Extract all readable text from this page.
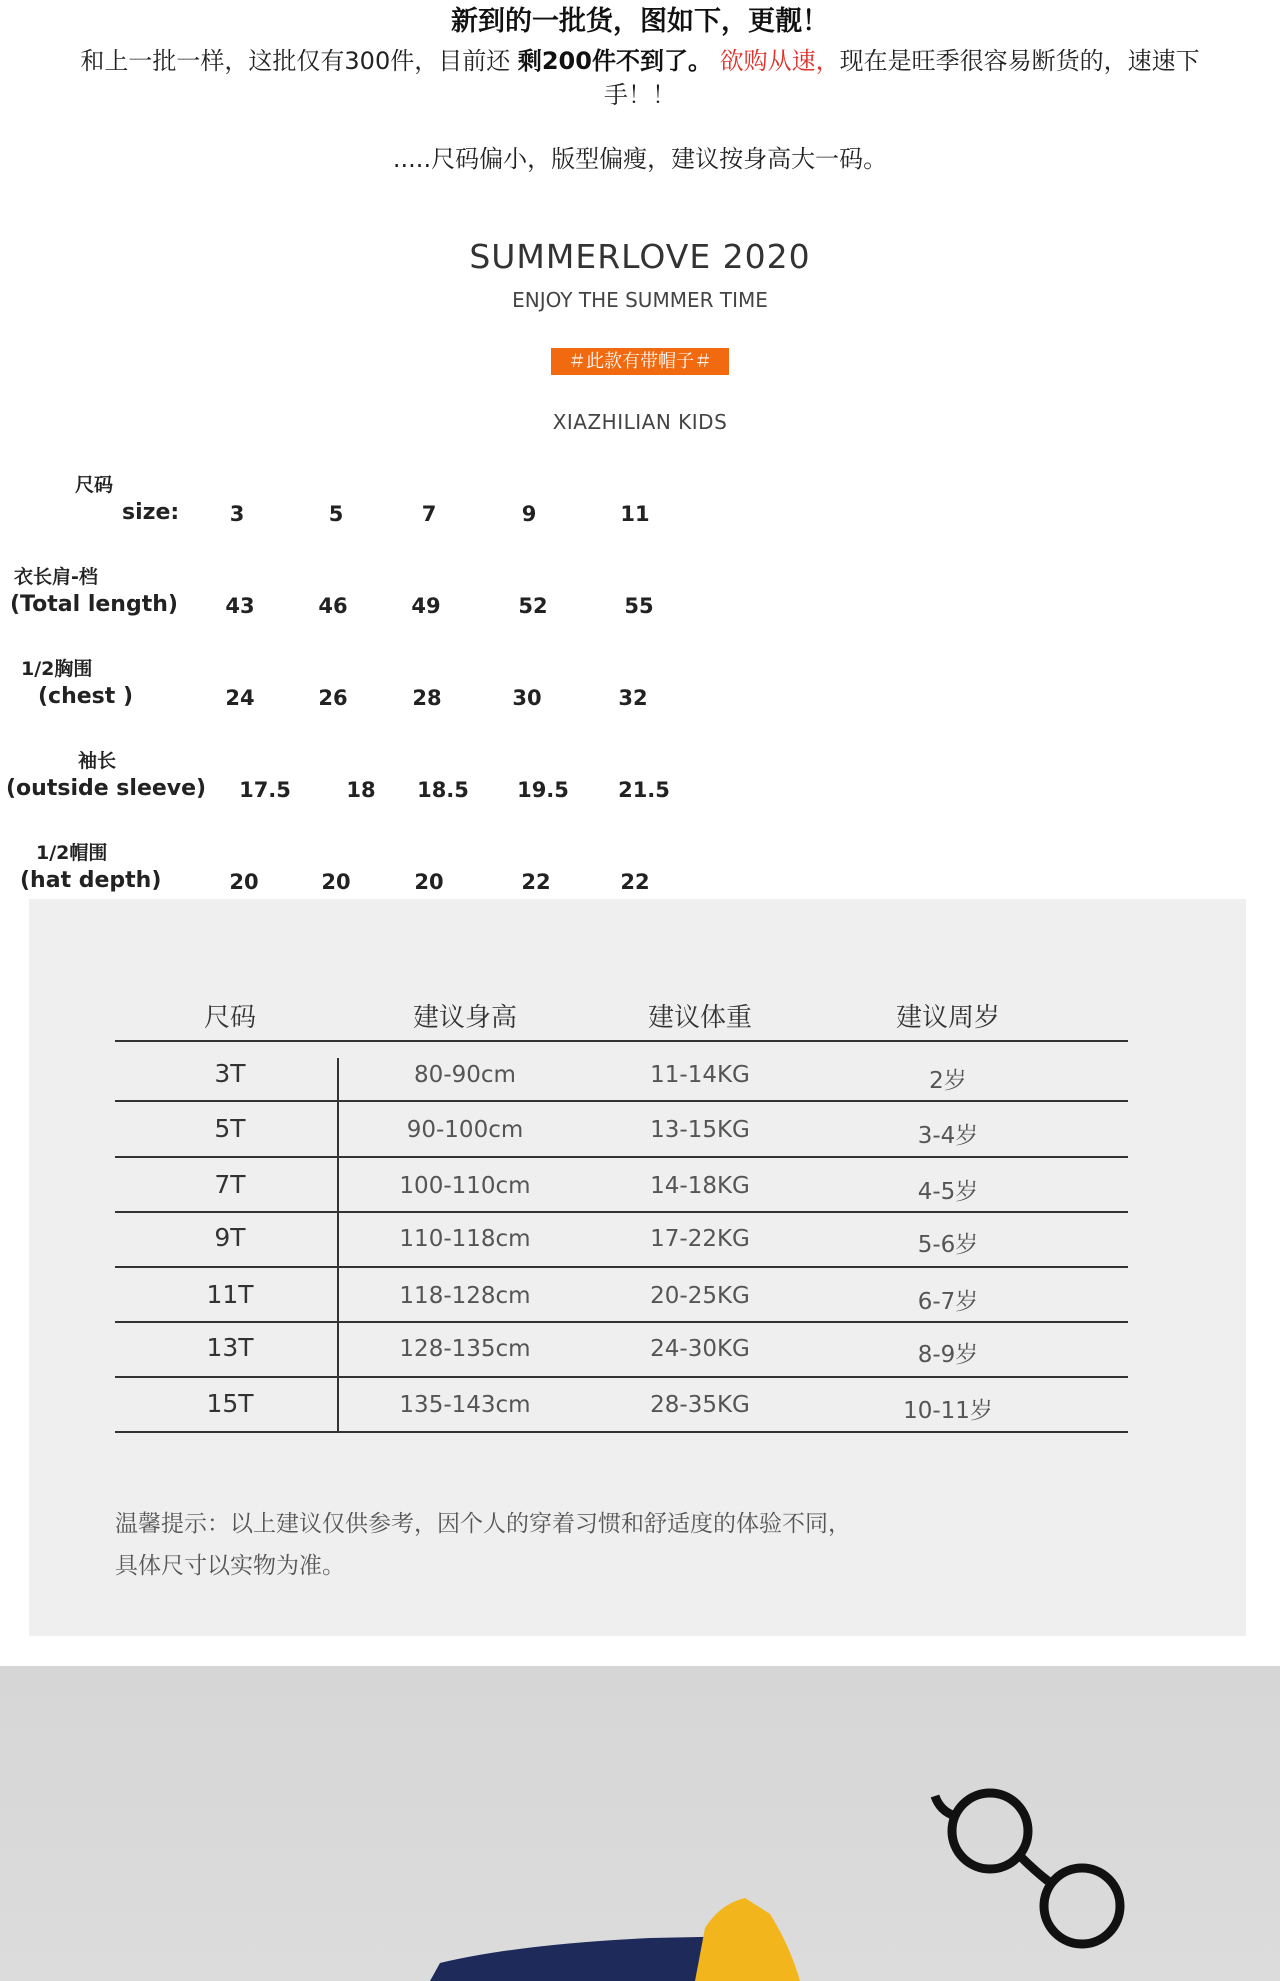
新到的一批货，图如下，更靓！
和上一批一样，这批仅有300件，目前还 剩200件不到了。 欲购从速，现在是旺季很容易断货的，速速下
手！！
.....尺码偏小，版型偏瘦，建议按身高大一码。
SUMMERLOVE 2020
ENJOY THE SUMMER TIME
＃此款有带帽子＃
XIAZHILIAN KIDS
尺码
size:	3	5	7	9	11
衣长肩-档
(Total length)	43	46	49	52	55
1/2胸围
(chest )	24	26	28	30	32
袖长
(outside sleeve)	17.5	18	18.5	19.5	21.5
1/2帽围
(hat depth)	20	20	20	22	22
尺码	建议身高	建议体重	建议周岁
3T	80-90cm	11-14KG	2岁
5T	90-100cm	13-15KG	3-4岁
7T	100-110cm	14-18KG	4-5岁
9T	110-118cm	17-22KG	5-6岁
11T	118-128cm	20-25KG	6-7岁
13T	128-135cm	24-30KG	8-9岁
15T	135-143cm	28-35KG	10-11岁
温馨提示：以上建议仅供参考，因个人的穿着习惯和舒适度的体验不同，
具体尺寸以实物为准。
